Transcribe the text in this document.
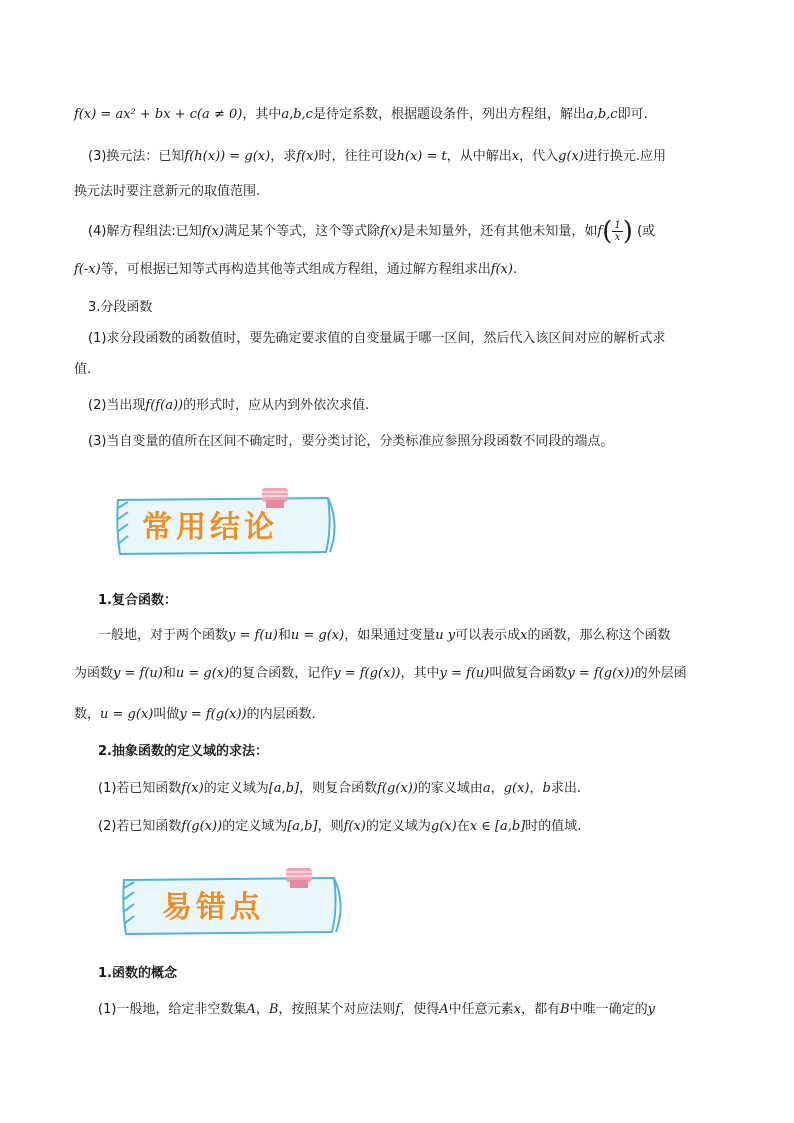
f(x) = ax² + bx + c(a ≠ 0)，其中a,b,c是待定系数，根据题设条件，列出方程组，解出a,b,c即可.
(3)换元法：已知f(h(x)) = g(x)，求f(x)时，往往可设h(x) = t，从中解出x，代入g(x)进行换元.应用
换元法时要注意新元的取值范围.
(4)解方程组法:已知f(x)满足某个等式，这个等式除f(x)是未知量外，还有其他未知量，如$f( \frac{1}{x}$ ) (或
f(-x)等，可根据已知等式再构造其他等式组成方程组，通过解方程组求出f(x).
3.分段函数
(1)求分段函数的函数值时，要先确定要求值的自变量属于哪一区间，然后代入该区间对应的解析式求
值.
(2)当出现f(f(a))的形式时，应从内到外依次求值.
(3)当自变量的值所在区间不确定时，要分类讨论，分类标准应参照分段函数不同段的端点。
常用结论
1.复合函数：
一般地，对于两个函数y = f(u)和u = g(x)，如果通过变量u y可以表示成x的函数，那么称这个函数
为函数y = f(u)和u = g(x)的复合函数，记作y = f(g(x))，其中y = f(u)叫做复合函数y = f(g(x))的外层函
数，u = g(x)叫做y = f(g(x))的内层函数.
2.抽象函数的定义域的求法：
(1)若已知函数f(x)的定义域为[a,b]，则复合函数f(g(x))的家义域由a，g(x)，b求出.
(2)若已知函数f(g(x))的定义域为[a,b]，则f(x)的定义域为g(x)在x ∈ [a,b]时的值域.
易错点
1.函数的概念
(1)一般地，给定非空数集A，B，按照某个对应法则f，使得A中任意元素x，都有B中唯一确定的y
